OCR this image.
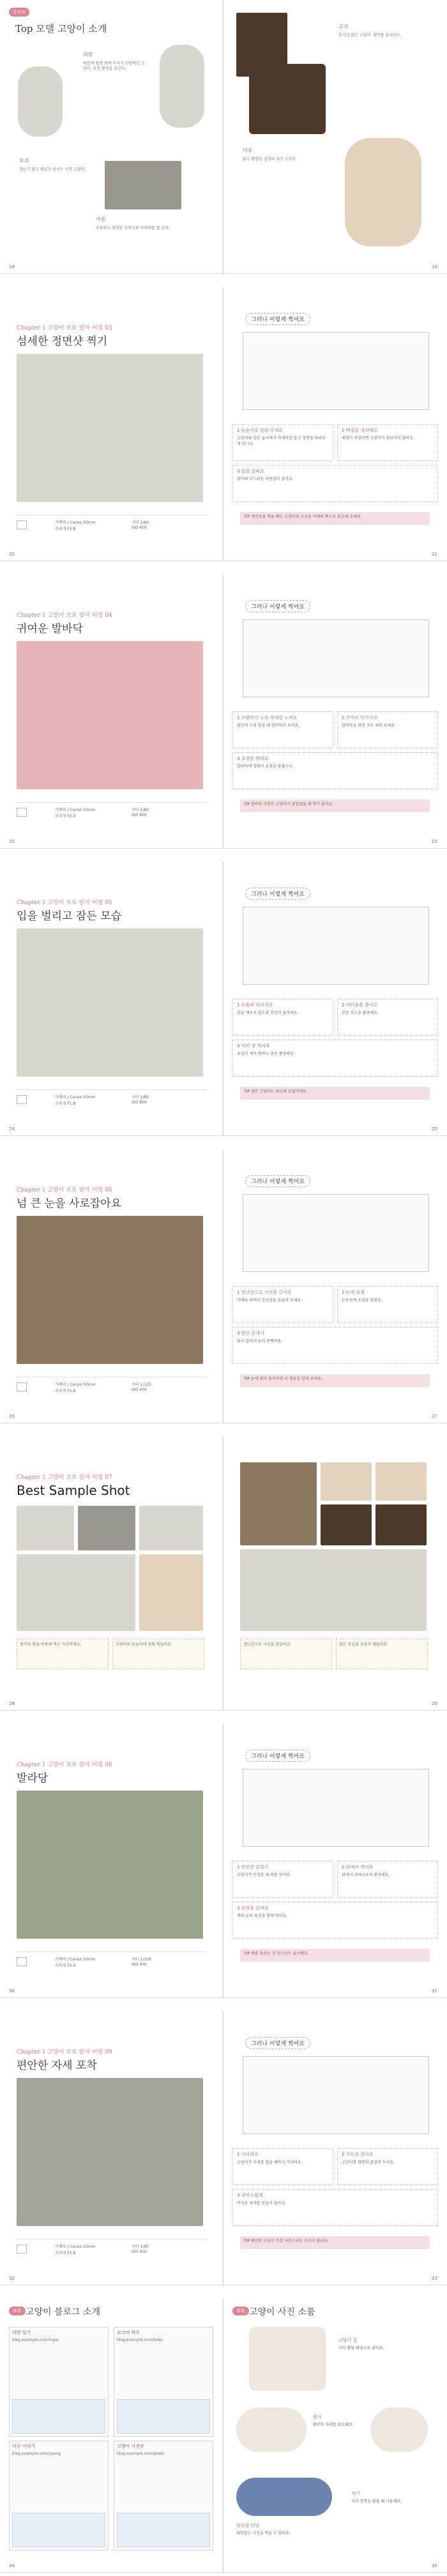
등장묘
Top 모델 고양이 소개
희망
하얀색 털에 회색 무늬가 인상적인 고양이. 사진 촬영을 즐긴다.
보코
장난기 많고 애교가 넘치는 수컷 고양이.
야옹
조용하고 얌전한 성격으로 카메라를 잘 본다.
18
코코
호기심 많은 고양이. 창가를 좋아한다.
미유
밝고 활발한 성격의 치즈 고양이.
19
Chapter 1 고양이 포토 팔자 비법 03
섬세한 정면샷 찍기
카메라 / Canon 50mm
조리개 F2.8
셔터 1/60
ISO 400
20
그러나 이렇게 찍어요
1 눈높이를 맞춰 주세요
고양이와 같은 높이에서 카메라를 들고 정면을 바라보게 합니다.
2 배경을 정리해요
배경이 복잡하면 고양이가 돋보이지 않아요.
3 빛을 살펴요
창가의 부드러운 자연광이 좋아요.
TIP 정면샷을 찍을 때는 고양이의 시선을 카메라 쪽으로 유도해 주세요.
21
Chapter 1 고양이 포토 팔자 비법 04
귀여운 발바닥
카메라 / Canon 50mm
조리개 F2.0
셔터 1/80
ISO 400
22
그러나 이렇게 찍어요
1 고양이가 누운 자세를 노려요
편안히 누워 있을 때 발바닥이 보여요.
2 가까이 다가가요
발바닥을 화면 가득 채워 보세요.
3 초점을 맞춰요
발바닥에 정확히 초점을 맞춥니다.
TIP 발바닥 사진은 고양이가 잠들었을 때 찍기 좋아요.
23
Chapter 1 고양이 포토 팔자 비법 05
입을 벌리고 잠든 모습
카메라 / Canon 50mm
조리개 F1.8
셔터 1/60
ISO 800
24
그러나 이렇게 찍어요
1 조용히 다가가요
잠을 깨우지 않도록 천천히 움직여요.
2 셔터음을 줄여요
무음 모드를 활용해요.
3 여러 장 찍어요
표정이 계속 변하니 연속 촬영해요.
TIP 잠든 고양이는 최고의 모델이에요.
25
Chapter 1 고양이 포토 팔자 비법 06
넘 큰 눈을 사로잡아요
카메라 / Canon 50mm
조리개 F2.8
셔터 1/125
ISO 400
26
그러나 이렇게 찍어요
1 장난감으로 시선을 끌어요
카메라 위에서 장난감을 흔들어 주세요.
2 눈에 초점
눈동자에 초점을 맞춰요.
3 밝은 곳에서
빛이 있어야 눈이 반짝여요.
TIP 눈에 빛이 들어가면 더 생동감 있게 보여요.
27
Chapter 1 고양이 포토 팔자 비법 07
Best Sample Shot
창가의 빛을 이용해 찍은 사진이에요.	고양이의 눈높이에 맞춰 찍었어요.
28
장난감으로 시선을 끌었어요.	잠든 모습을 조용히 담았어요.
29
Chapter 1 고양이 포토 팔자 비법 08
발라당
카메라 / Canon 50mm
조리개 F2.0
셔터 1/100
ISO 400
30
그러나 이렇게 찍어요
1 편안한 분위기
고양이가 안심할 때 배를 보여요.
2 위에서 찍어요
위에서 내려다보며 촬영해요.
3 표정을 살펴요
귀와 눈의 표정을 함께 담아요.
TIP 배를 보이는 건 믿는다는 표시예요.
31
Chapter 1 고양이 포토 팔자 비법 09
편안한 자세 포착
카메라 / Canon 50mm
조리개 F2.8
셔터 1/60
ISO 400
32
그러나 이렇게 찍어요
1 기다려요
고양이가 자세를 잡을 때까지 기다려요.
2 구도를 잡아요
고양이를 화면의 중심에 두어요.
3 자연스럽게
억지로 자세를 만들지 않아요.
TIP 편안한 모습이 가장 자연스러운 사진이 됩니다.
33
부록 고양이 블로그 소개
희망 일기
blog.example.com/hope
보코의 하루
blog.example.com/boko
야옹 이야기
blog.example.com/yaong
고양이 사진관
blog.example.com/photo
34
부록 고양이 사진 소품
고양이 집
사진 촬영 배경으로 좋아요.
방석
편안한 자세를 유도해요.
장난감 터널
재미있는 사진을 찍을 수 있어요.
식기
식사 장면을 담을 때 사용해요.
35
